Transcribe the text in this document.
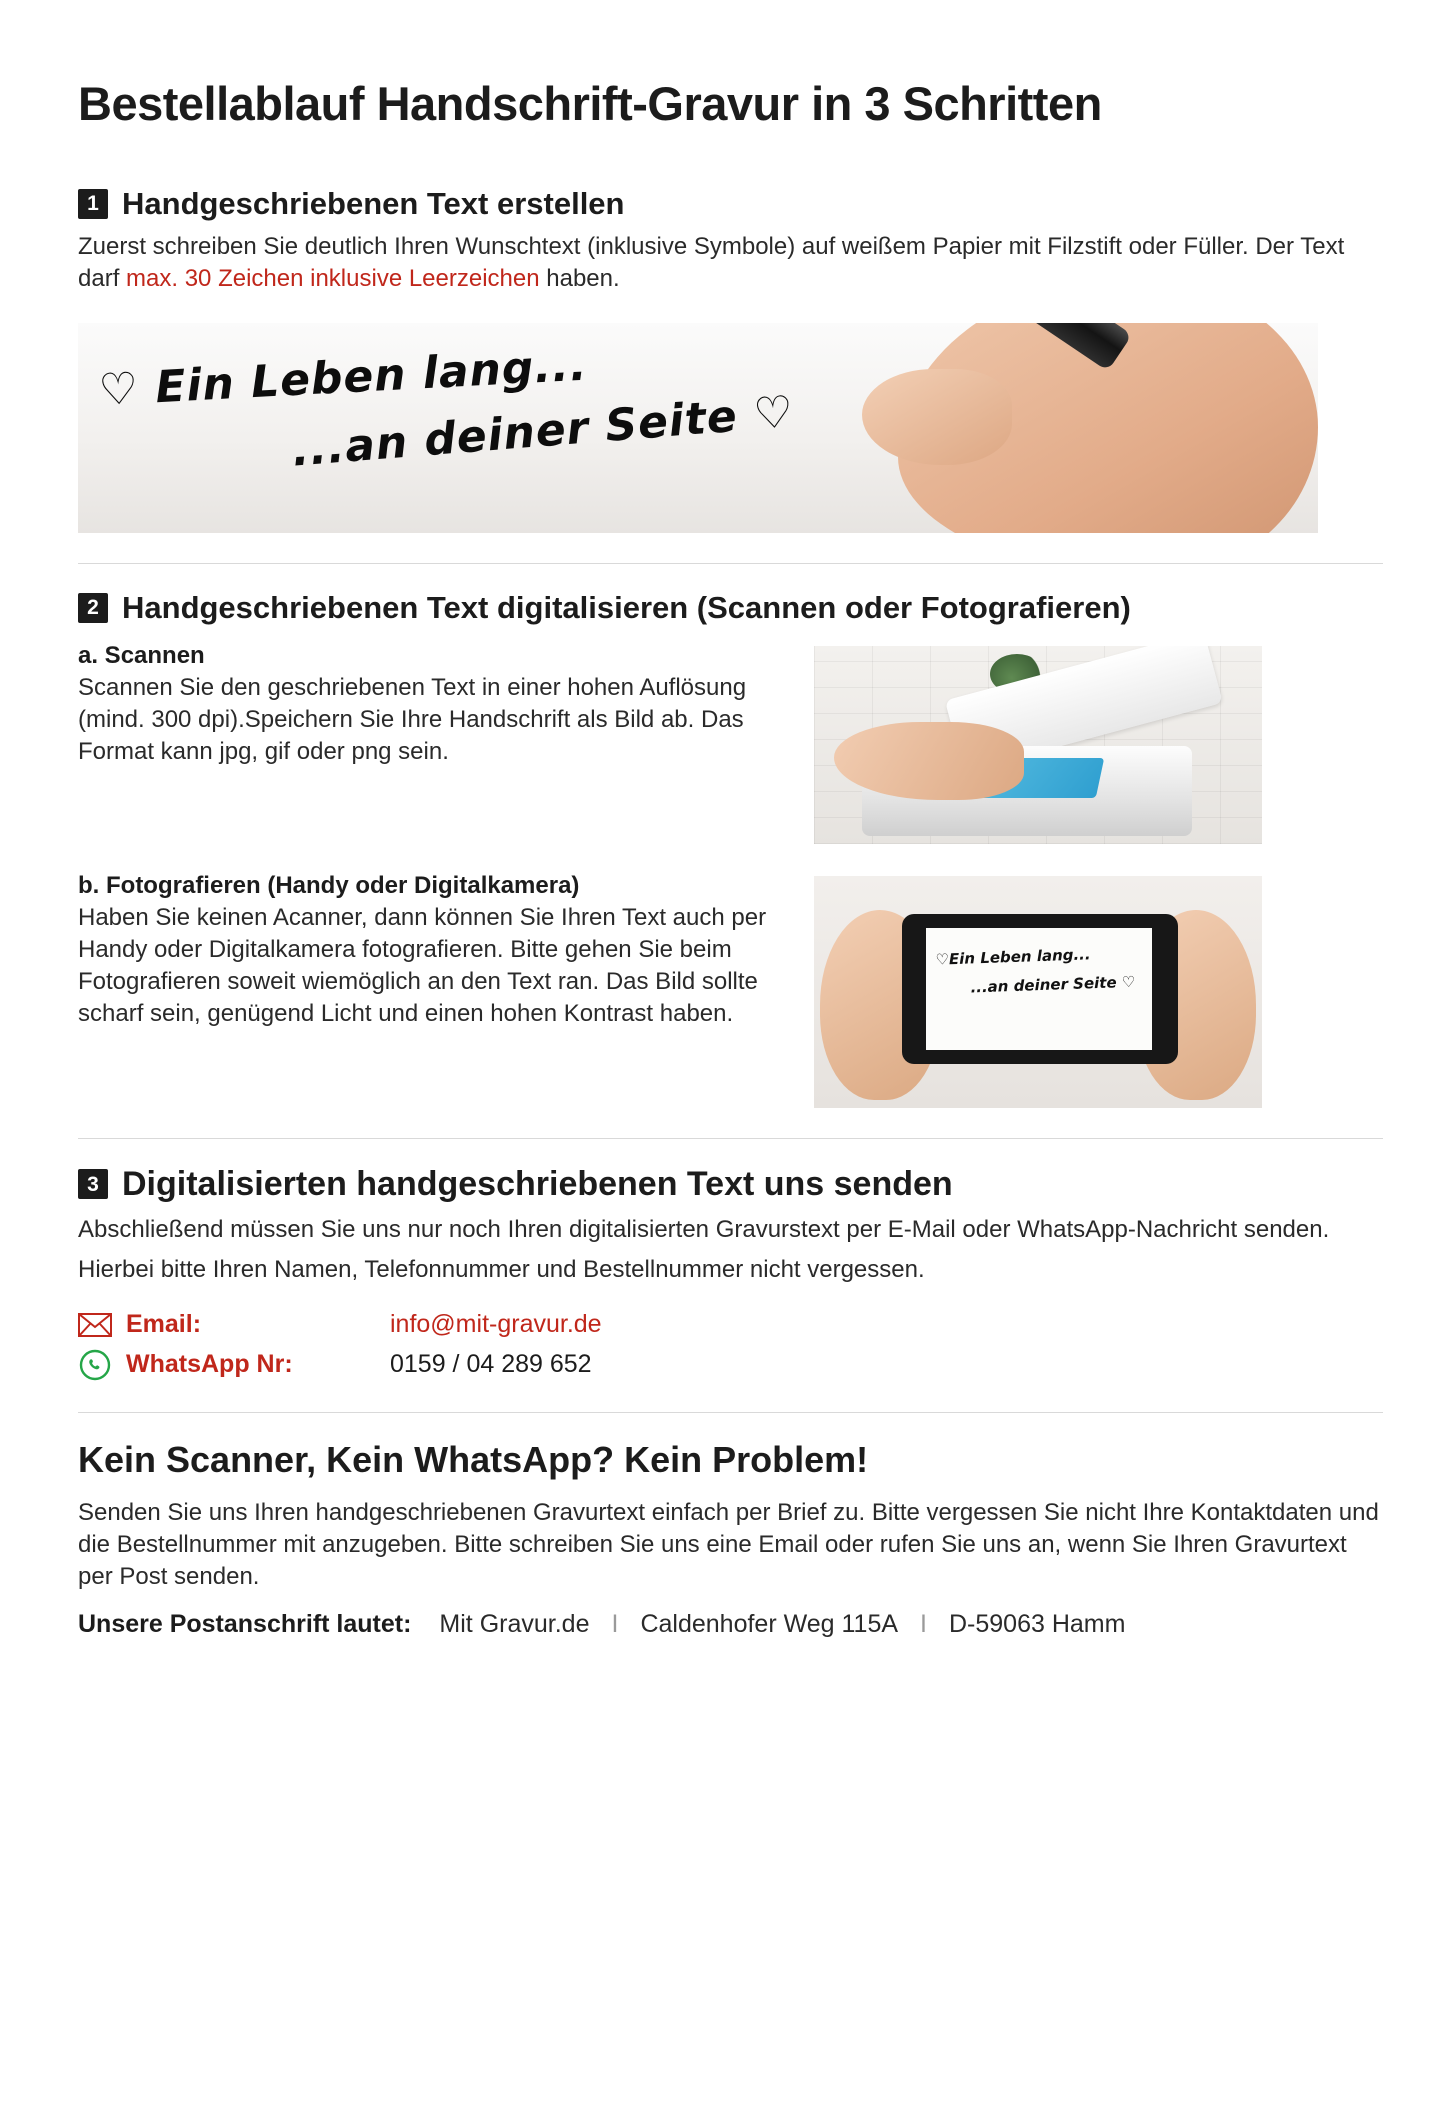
Bestellablauf Handschrift-Gravur in 3 Schritten
1 Handgeschriebenen Text erstellen

Zuerst schreiben Sie deutlich Ihren Wunschtext (inklusive Symbole) auf weißem Papier mit Filzstift oder Füller. Der Text darf max. 30 Zeichen inklusive Leerzeichen haben.

♡ Ein Leben lang...
...an deiner Seite ♡
2 Handgeschriebenen Text digitalisieren (Scannen oder Fotografieren)
a. Scannen

Scannen Sie den geschriebenen Text in einer hohen Auflösung (mind. 300 dpi).Speichern Sie Ihre Handschrift als Bild ab. Das Format kann jpg, gif oder png sein.

b. Fotografieren (Handy oder Digitalkamera)

Haben Sie keinen Acanner, dann können Sie Ihren Text auch per Handy oder Digitalkamera fotografieren. Bitte gehen Sie beim Fotografieren soweit wiemöglich an den Text ran. Das Bild sollte scharf sein, genügend Licht und einen hohen Kontrast haben.

♡Ein Leben lang...
...an deiner Seite ♡
3 Digitalisierten handgeschriebenen Text uns senden

Abschließend müssen Sie uns nur noch Ihren digitalisierten Gravurstext per E-Mail oder WhatsApp-Nachricht senden.

Hierbei bitte Ihren Namen, Telefonnummer und Bestellnummer nicht vergessen.

Email:	info@mit-gravur.de
WhatsApp Nr:	0159 / 04 289 652
Kein Scanner, Kein WhatsApp? Kein Problem!

Senden Sie uns Ihren handgeschriebenen Gravurtext einfach per Brief zu. Bitte vergessen Sie nicht Ihre Kontaktdaten und die Bestellnummer mit anzugeben. Bitte schreiben Sie uns eine Email oder rufen Sie uns an, wenn Sie Ihren Gravurtext per Post senden.

Unsere Postanschrift lautet: Mit Gravur.de I Caldenhofer Weg 115A I D-59063 Hamm
